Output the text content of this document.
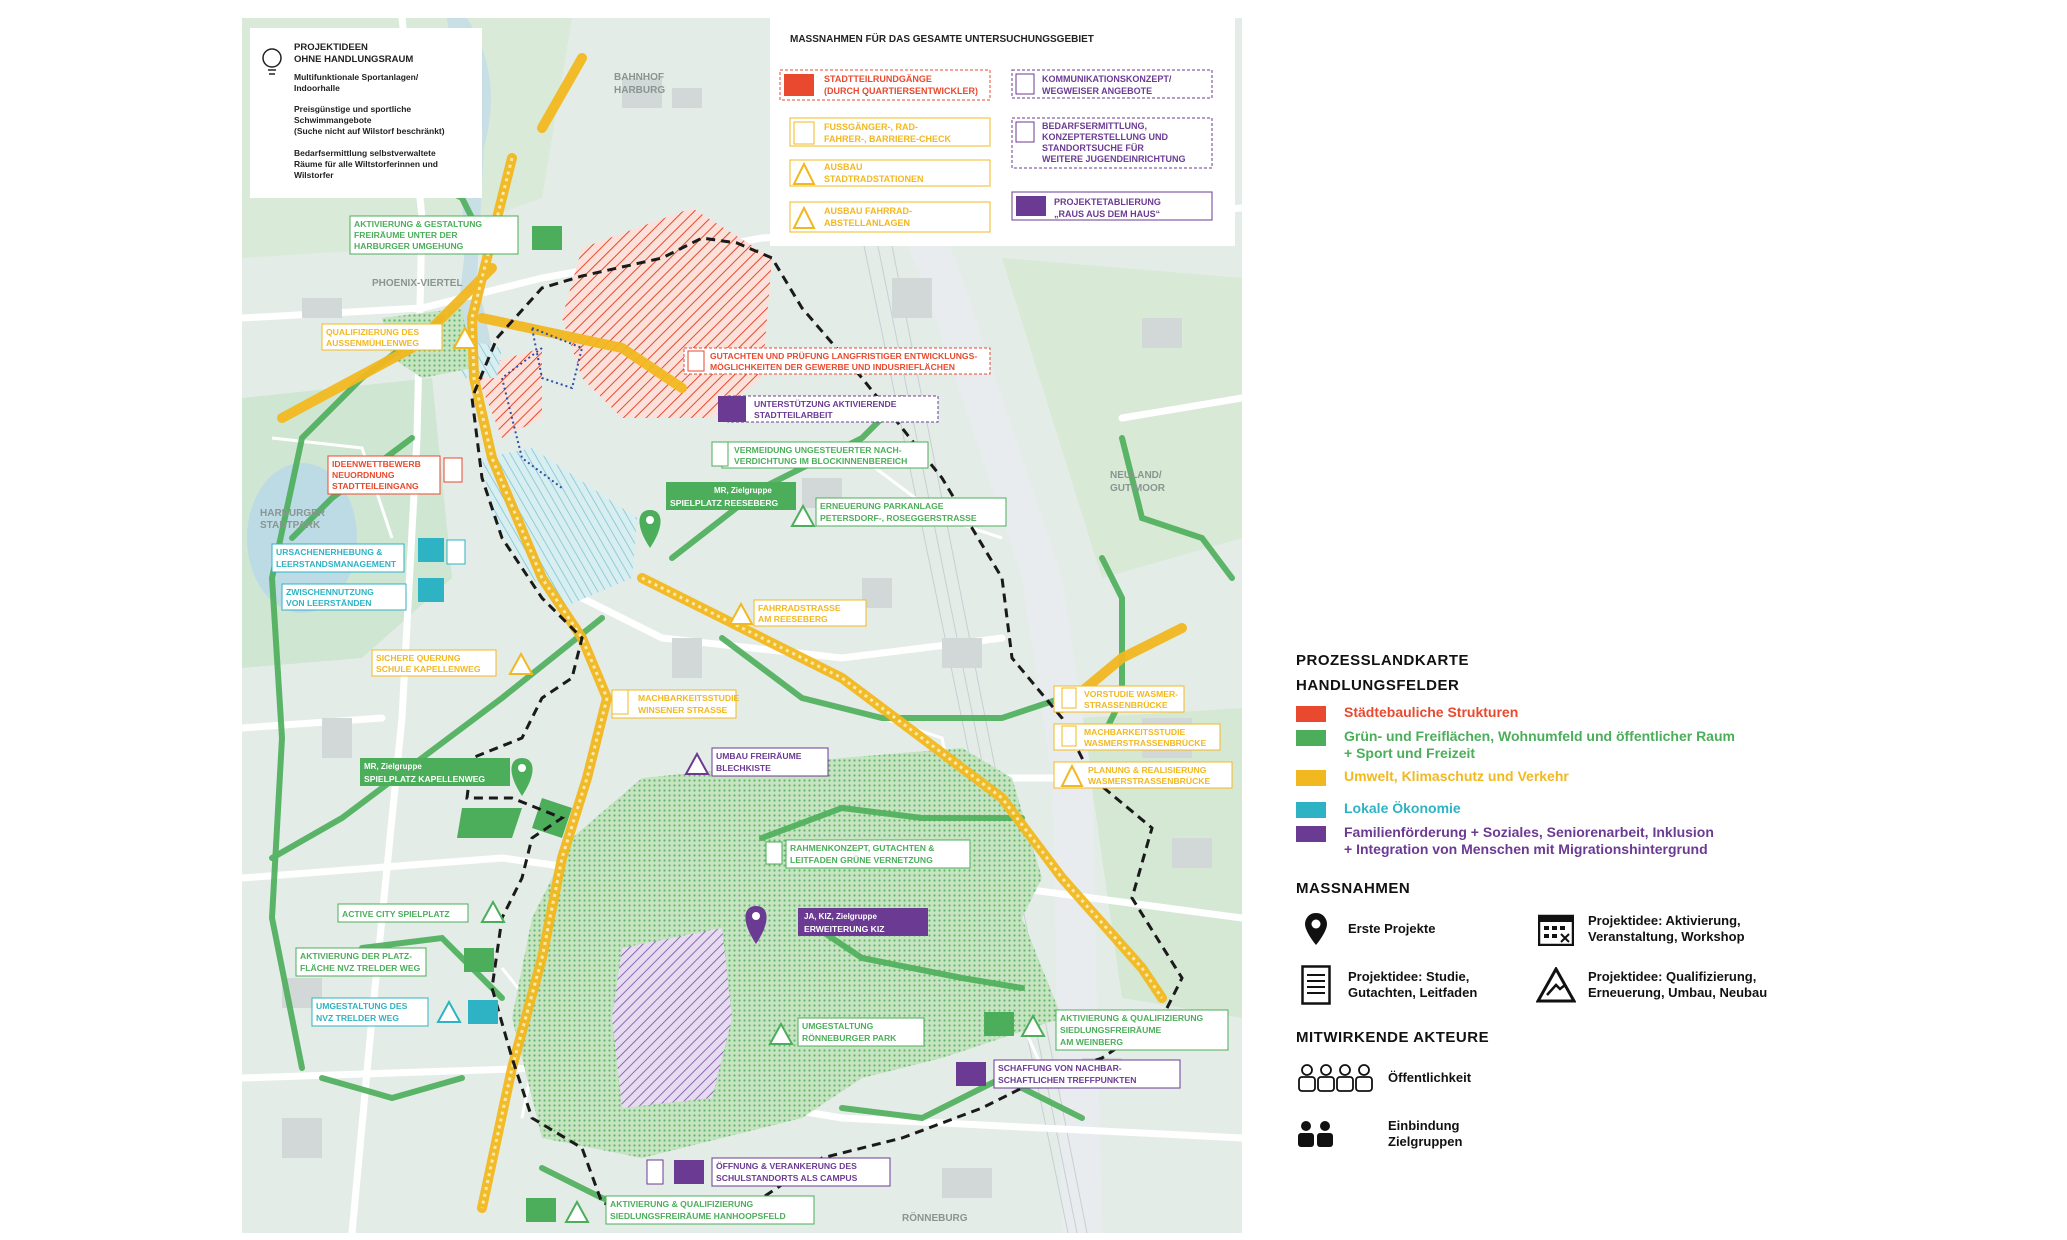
PROJEKTIDEEN
OHNE HANDLUNGSRAUM
Multifunktionale Sportanlagen/
Indoorhalle
Preisgünstige und sportliche
Schwimmangebote
(Suche nicht auf Wilstorf beschränkt)
Bedarfsermittlung selbstverwaltete
Räume für alle Wiltstorferinnen und
Wilstorfer
MASSNAHMEN FÜR DAS GESAMTE UNTERSUCHUNGSGEBIET
STADTTEILRUNDGÄNGE
(DURCH QUARTIERSENTWICKLER)
FUSSGÄNGER-, RAD-
FAHRER-, BARRIERE-CHECK
AUSBAU
STADTRADSTATIONEN
AUSBAU FAHRRAD-
ABSTELLANLAGEN
KOMMUNIKATIONSKONZEPT/
WEGWEISER ANGEBOTE
BEDARFSERMITTLUNG,
KONZEPTERSTELLUNG UND
STANDORTSUCHE FÜR
WEITERE JUGENDEINRICHTUNG
PROJEKTETABLIERUNG
„RAUS AUS DEM HAUS“
BAHNHOF
HARBURG
PHOENIX-VIERTEL
HARBURGER
STADTPARK
NEULAND/
GUT MOOR
RÖNNEBURG
AKTIVIERUNG & GESTALTUNG
FREIRÄUME UNTER DER
HARBURGER UMGEHUNG
QUALIFIZIERUNG DES
AUSSENMÜHLENWEG
GUTACHTEN UND PRÜFUNG LANGFRISTIGER ENTWICKLUNGS-
MÖGLICHKEITEN DER GEWERBE UND INDUSRIEFLÄCHEN
UNTERSTÜTZUNG AKTIVIERENDE
STADTTEILARBEIT
IDEENWETTBEWERB
NEUORDNUNG
STADTTEILEINGANG
VERMEIDUNG UNGESTEUERTER NACH-
VERDICHTUNG IM BLOCKINNENBEREICH
MR, Zielgruppe
SPIELPLATZ REESEBERG	ERNEUERUNG PARKANLAGE
PETERSDORF-, ROSEGGERSTRASSE
URSACHENERHEBUNG &
LEERSTANDSMANAGEMENT
ZWISCHENNUTZUNG
VON LEERSTÄNDEN	FAHRRADSTRASSE
AM REESEBERG
SICHERE QUERUNG
SCHULE KAPELLENWEG
MACHBARKEITSSTUDIE
WINSENER STRASSE
VORSTUDIE WASMER-
STRASSENBRÜCKE
MACHBARKEITSSTUDIE
WASMERSTRASSENBRÜCKE
PLANUNG & REALISIERUNG
WASMERSTRASSENBRÜCKE
UMBAU FREIRÄUME
BLECHKISTE
MR, Zielgruppe
SPIELPLATZ KAPELLENWEG
RAHMENKONZEPT, GUTACHTEN &
LEITFADEN GRÜNE VERNETZUNG
ACTIVE CITY SPIELPLATZ	JA, KIZ, Zielgruppe
ERWEITERUNG KIZ
AKTIVIERUNG DER PLATZ-
FLÄCHE NVZ TRELDER WEG
UMGESTALTUNG DES
NVZ TRELDER WEG
UMGESTALTUNG
RÖNNEBURGER PARK
AKTIVIERUNG & QUALIFIZIERUNG
SIEDLUNGSFREIRÄUME
AM WEINBERG
SCHAFFUNG VON NACHBAR-
SCHAFTLICHEN TREFFPUNKTEN
ÖFFNUNG & VERANKERUNG DES
SCHULSTANDORTS ALS CAMPUS
AKTIVIERUNG & QUALIFIZIERUNG
SIEDLUNGSFREIRÄUME HANHOOPSFELD
PROZESSLANDKARTE
HANDLUNGSFELDER
Städtebauliche Strukturen
Grün- und Freiflächen, Wohnumfeld und öffentlicher Raum
+ Sport und Freizeit
Umwelt, Klimaschutz und Verkehr
Lokale Ökonomie
Familienförderung + Soziales, Seniorenarbeit, Inklusion
+ Integration von Menschen mit Migrationshintergrund
MASSNAHMEN
Erste Projekte
Projektidee: Aktivierung,
Veranstaltung, Workshop
Projektidee: Studie,
Gutachten, Leitfaden
Projektidee: Qualifizierung,
Erneuerung, Umbau, Neubau
MITWIRKENDE AKTEURE
Öffentlichkeit
Einbindung
Zielgruppen
